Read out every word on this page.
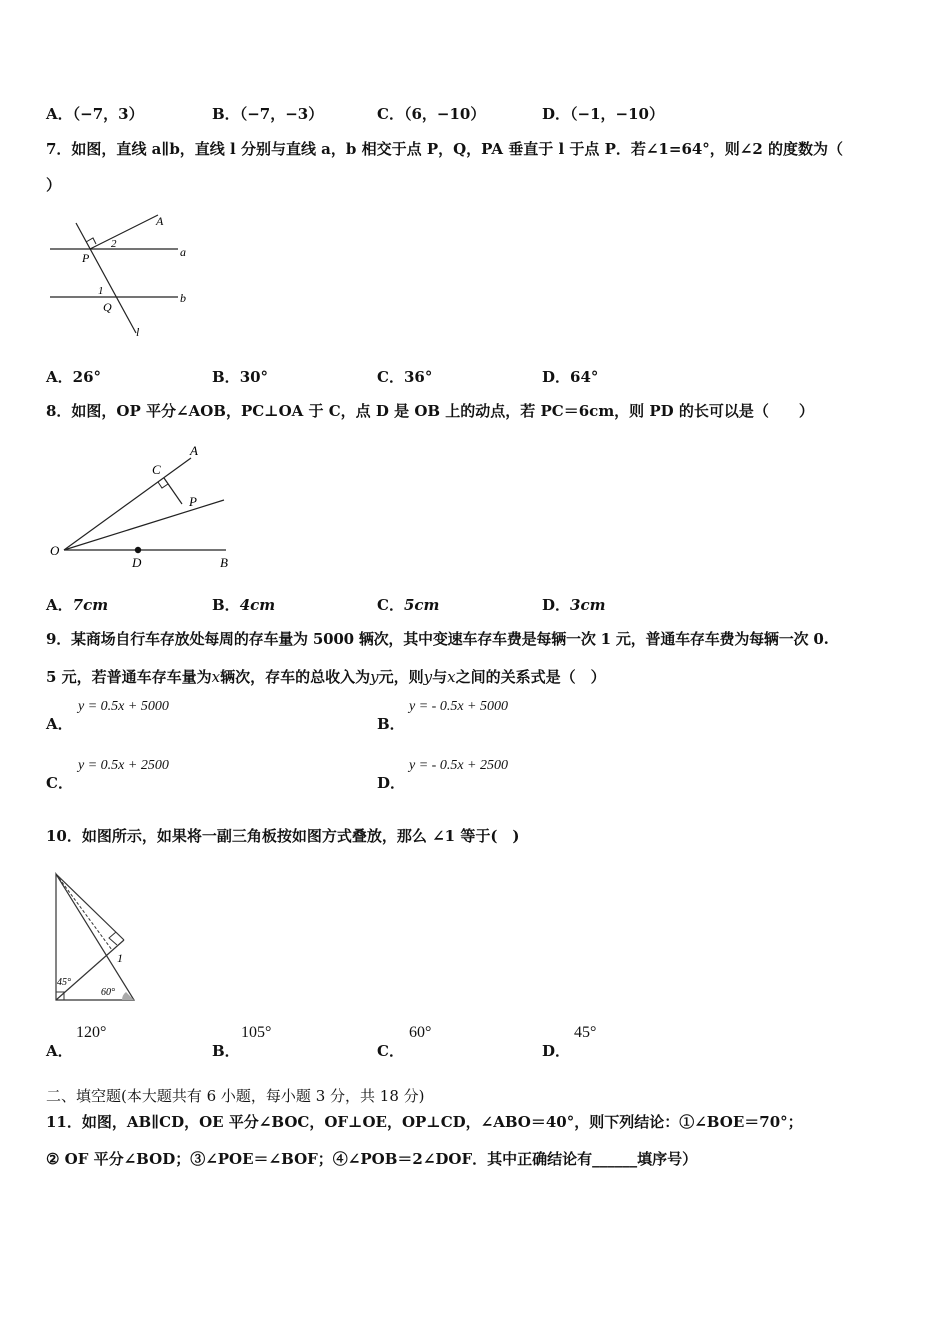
A．（−7，3）	B．（−7，−3）	C．（6，−10）	D．（−1，−10）
7．如图，直线 a∥b，直线 l 分别与直线 a，b 相交于点 P，Q，PA 垂直于 l 于点 P．若∠1=64°，则∠2 的度数为（
）
A
a
b
P
Q
l
1
2
A．26°	B．30°	C．36°	D．64°
8．如图，OP 平分∠AOB，PC⊥OA 于 C，点 D 是 OB 上的动点，若 PC＝6cm，则 PD 的长可以是（　　）
A
C
P
O
D	B
A．7cm	B．4cm	C．5cm	D．3cm
9．某商场自行车存放处每周的存车量为 5000 辆次，其中变速车存车费是每辆一次 1 元，普通车存车费为每辆一次 0.
5 元，若普通车存车量为x辆次，存车的总收入为y元，则y与x之间的关系式是（　）
A．
y = 0.5x + 5000
B．
y = - 0.5x + 5000
C．
y = 0.5x + 2500
D．
y = - 0.5x + 2500
10．如图所示，如果将一副三角板按如图方式叠放，那么 ∠1 等于(　)
1
45°
60°
A．
120°
B．
105°
C．
60°
D．
45°
二、填空题(本大题共有 6 小题，每小题 3 分，共 18 分)
11．如图，AB∥CD，OE 平分∠BOC，OF⊥OE，OP⊥CD，∠ABO＝40°，则下列结论：①∠BOE＝70°；
② OF 平分∠BOD；③∠POE＝∠BOF；④∠POB＝2∠DOF．其中正确结论有______填序号）
